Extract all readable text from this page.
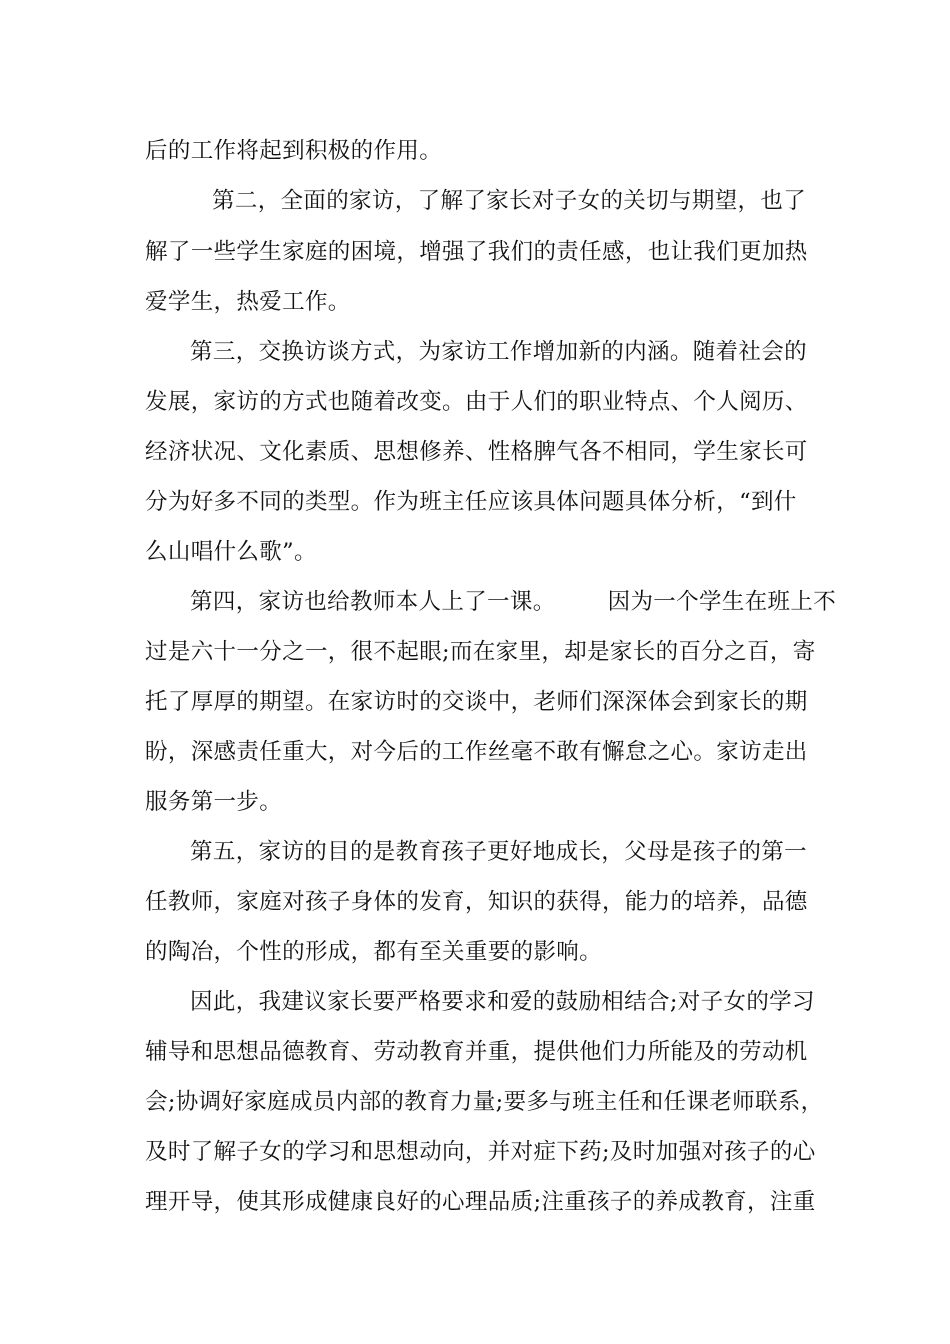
后的工作将起到积极的作用。

第二，全面的家访，了解了家长对子女的关切与期望，也了

解了一些学生家庭的困境，增强了我们的责任感，也让我们更加热

爱学生，热爱工作。

第三，交换访谈方式，为家访工作增加新的内涵。随着社会的

发展，家访的方式也随着改变。由于人们的职业特点、个人阅历、

经济状况、文化素质、思想修养、性格脾气各不相同，学生家长可

分为好多不同的类型。作为班主任应该具体问题具体分析，“到什

么山唱什么歌”。

第四，家访也给教师本人上了一课。 因为一个学生在班上不

过是六十一分之一，很不起眼;而在家里，却是家长的百分之百，寄

托了厚厚的期望。在家访时的交谈中，老师们深深体会到家长的期

盼，深感责任重大，对今后的工作丝毫不敢有懈怠之心。家访走出

服务第一步。

第五，家访的目的是教育孩子更好地成长，父母是孩子的第一

任教师，家庭对孩子身体的发育，知识的获得，能力的培养，品德

的陶冶，个性的形成，都有至关重要的影响。

因此，我建议家长要严格要求和爱的鼓励相结合;对子女的学习

辅导和思想品德教育、劳动教育并重，提供他们力所能及的劳动机

会;协调好家庭成员内部的教育力量;要多与班主任和任课老师联系，

及时了解子女的学习和思想动向，并对症下药;及时加强对孩子的心

理开导，使其形成健康良好的心理品质;注重孩子的养成教育，注重
